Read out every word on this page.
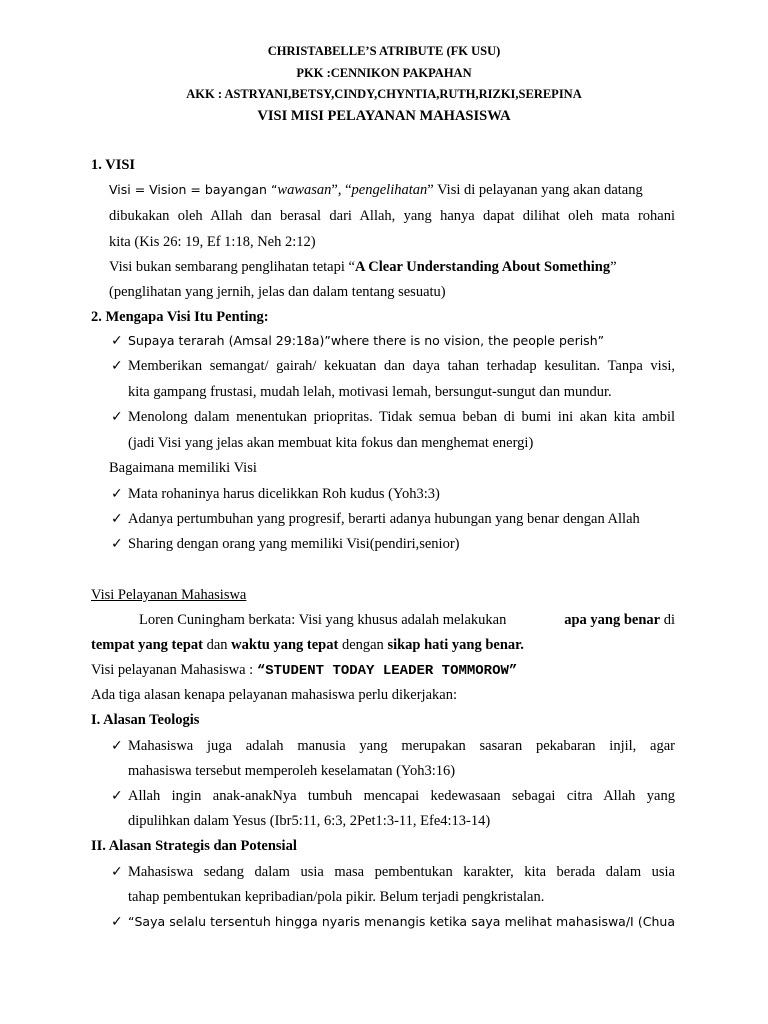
CHRISTABELLE’S ATRIBUTE (FK USU)
PKK :CENNIKON PAKPAHAN
AKK : ASTRYANI,BETSY,CINDY,CHYNTIA,RUTH,RIZKI,SEREPINA
VISI MISI PELAYANAN MAHASISWA
1. VISI
Visi = Vision = bayangan “wawasan”, “pengelihatan” Visi di pelayanan yang akan datang
dibukakan oleh Allah dan berasal dari Allah, yang hanya dapat dilihat oleh mata rohani
kita (Kis 26: 19, Ef 1:18, Neh 2:12)
Visi bukan sembarang penglihatan tetapi “A Clear Understanding About Something”
(penglihatan yang jernih, jelas dan dalam tentang sesuatu)
2. Mengapa Visi Itu Penting:
✓ Supaya terarah (Amsal 29:18a)”where there is no vision, the people perish”
✓ Memberikan semangat/ gairah/ kekuatan dan daya tahan terhadap kesulitan. Tanpa visi,
kita gampang frustasi, mudah lelah, motivasi lemah, bersungut-sungut dan mundur.
✓ Menolong dalam menentukan priopritas. Tidak semua beban di bumi ini akan kita ambil
(jadi Visi yang jelas akan membuat kita fokus dan menghemat energi)
Bagaimana memiliki Visi
✓ Mata rohaninya harus dicelikkan Roh kudus (Yoh3:3)
✓ Adanya pertumbuhan yang progresif, berarti adanya hubungan yang benar dengan Allah
✓ Sharing dengan orang yang memiliki Visi(pendiri,senior)
Visi Pelayanan Mahasiswa
Loren Cuningham berkata: Visi yang khusus adalah melakukan	apa yang benar di
tempat yang tepat dan waktu yang tepat dengan sikap hati yang benar.
Visi pelayanan Mahasiswa : “STUDENT TODAY LEADER TOMMOROW”
Ada tiga alasan kenapa pelayanan mahasiswa perlu dikerjakan:
I. Alasan Teologis
✓ Mahasiswa juga adalah manusia yang merupakan sasaran pekabaran injil, agar
mahasiswa tersebut memperoleh keselamatan (Yoh3:16)
✓ Allah ingin anak-anakNya tumbuh mencapai kedewasaan sebagai citra Allah yang
dipulihkan dalam Yesus (Ibr5:11, 6:3, 2Pet1:3-11, Efe4:13-14)
II. Alasan Strategis dan Potensial
✓ Mahasiswa sedang dalam usia masa pembentukan karakter, kita berada dalam usia
tahap pembentukan kepribadian/pola pikir. Belum terjadi pengkristalan.
✓ “Saya selalu tersentuh hingga nyaris menangis ketika saya melihat mahasiswa/I (Chua
